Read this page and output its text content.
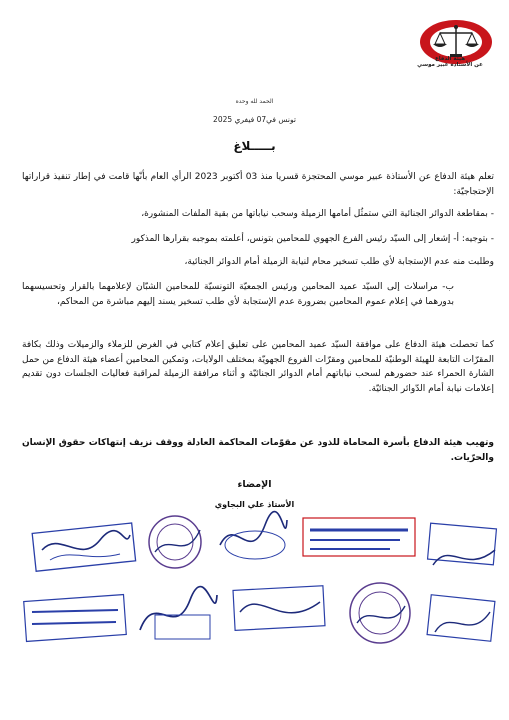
هيئة الدفاع
عن الأستاذة عبير موسي
الحمد لله وحده
تونس في07 فيفري 2025
بـــــلاغ
تعلم هيئة الدفاع عن الأستاذة عبير موسي المحتجزة قسريا منذ 03 أكتوبر 2023 الرأي العام بأنّها قامت في إطار تنفيذ قراراتها الإحتجاجيّة:
- بمقاطعة الدوائر الجنائية التي ستمثُل أمامها الزميلة وسحب نياباتها من بقية الملفات المنشورة،
- بتوجيه: أ- إشعار إلى السيّد رئيس الفرع الجهوي للمحامين بتونس، أعلمته بموجبه بقرارها المذكور
وطلبت منه عدم الإستجابة لأي طلب تسخير محام لنيابة الزميلة أمام الدوائر الجنائية،
ب- مراسلات إلى السيّد عميد المحامين ورئيس الجمعيّة التونسيّة للمحامين الشبّان لإعلامهما بالقرار وتحسيسهما بدورهما في إعلام عموم المحامين بضرورة عدم الإستجابة لأي طلب تسخير يسند إليهم مباشرة من المحاكم،
كما تحصلت هيئة الدفاع على موافقة السيّد عميد المحامين على تعليق إعلام كتابي في الغرض للزملاء والزميلات وذلك بكافة المقرّات التابعة للهيئة الوطنيّة للمحامين ومقرّات الفروع الجهويّة بمختلف الولايات، وتمكين المحامين أعضاء هيئة الدفاع من حمل الشارة الحمراء عند حضورهم لسحب نياباتهم أمام الدوائر الجنائيّة و أثناء مرافقة الزميلة لمراقبة فعاليات الجلسات دون تقديم إعلامات نيابة أمام الدّوائر الجنائيّة.
وتهيب هيئة الدفاع بأسرة المحاماة للذود عن مقوّمات المحاكمة العادلة ووقف نزيف إنتهاكات حقوق الإنسان والحرّيات.
الإمضاء
الأستاذ علي البجاوي
